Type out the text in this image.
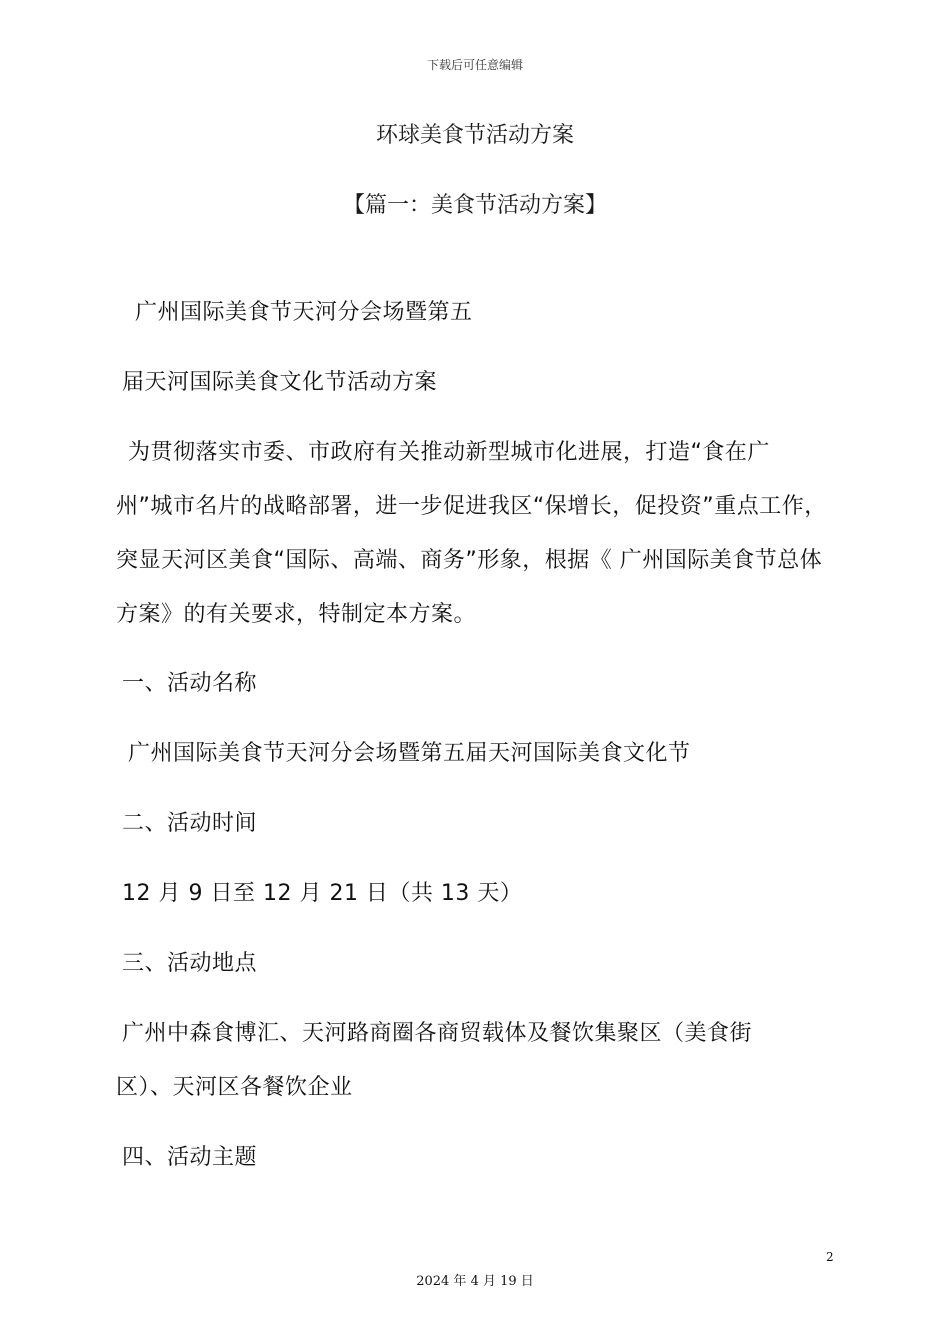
下载后可任意编辑
环球美食节活动方案
【篇一：美食节活动方案】
广州国际美食节天河分会场暨第五
届天河国际美食文化节活动方案
为贯彻落实市委、市政府有关推动新型城市化进展，打造“食在广
州”城市名片的战略部署，进一步促进我区“保增长，促投资”重点工作，
突显天河区美食“国际、高端、商务”形象，根据《 广州国际美食节总体
方案》的有关要求，特制定本方案。
一、活动名称
广州国际美食节天河分会场暨第五届天河国际美食文化节
二、活动时间
12 月 9 日至 12 月 21 日（共 13 天）
三、活动地点
广州中森食博汇、天河路商圈各商贸载体及餐饮集聚区（美食街
区）、天河区各餐饮企业
四、活动主题
2
2024 年 4 月 19 日
